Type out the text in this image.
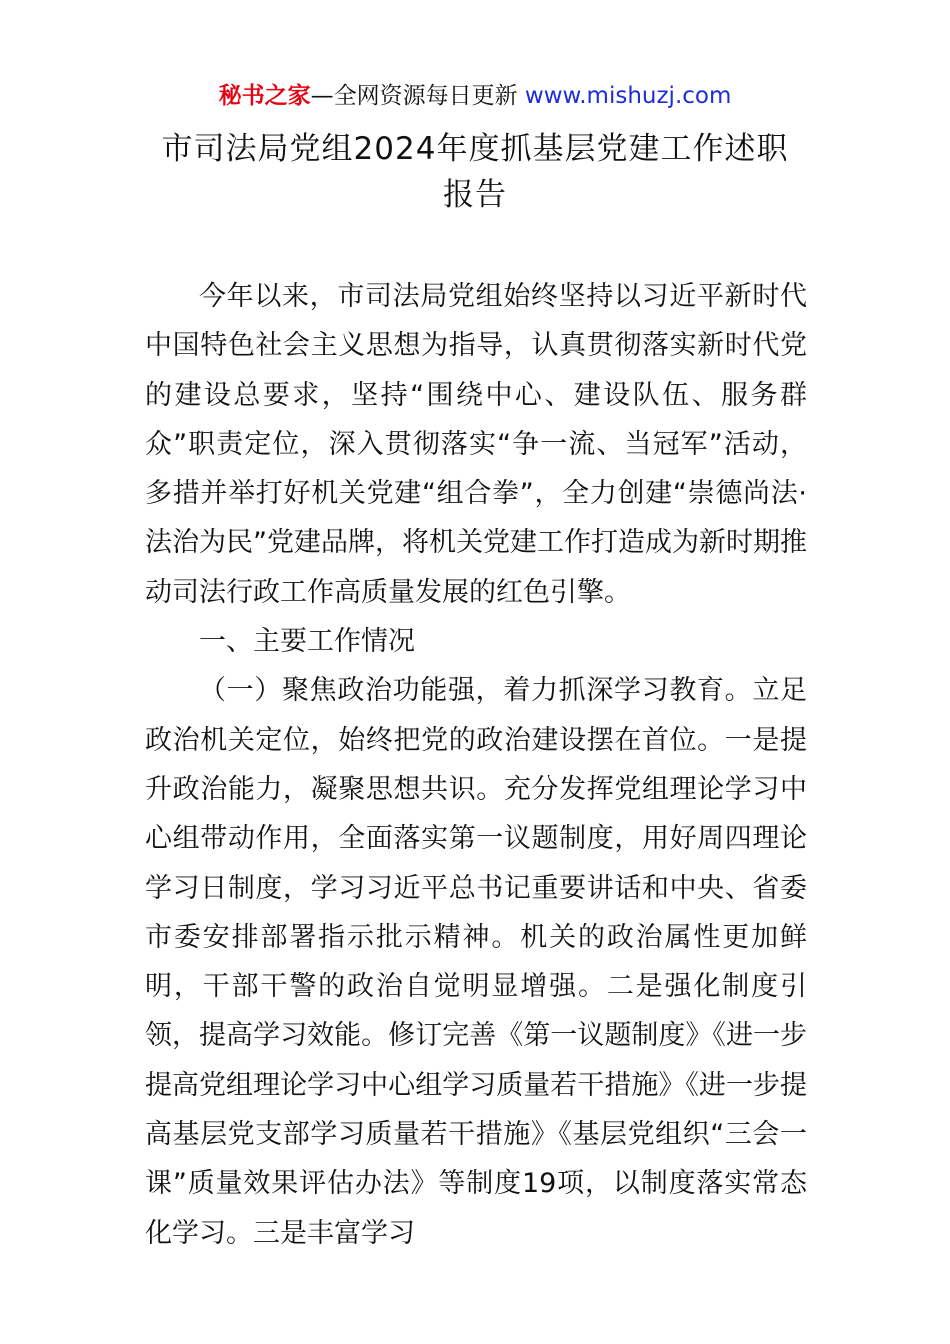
秘书之家—全网资源每日更新 www.mishuzj.com
市司法局党组2024年度抓基层党建工作述职报告

今年以来，市司法局党组始终坚持以习近平新时代中国特色社会主义思想为指导，认真贯彻落实新时代党的建设总要求，坚持“围绕中心、建设队伍、服务群众”职责定位，深入贯彻落实“争一流、当冠军”活动，多措并举打好机关党建“组合拳”，全力创建“崇德尚法·法治为民”党建品牌，将机关党建工作打造成为新时期推动司法行政工作高质量发展的红色引擎。

一、主要工作情况

（一）聚焦政治功能强，着力抓深学习教育。立足政治机关定位，始终把党的政治建设摆在首位。一是提升政治能力，凝聚思想共识。充分发挥党组理论学习中心组带动作用，全面落实第一议题制度，用好周四理论学习日制度，学习习近平总书记重要讲话和中央、省委市委安排部署指示批示精神。机关的政治属性更加鲜明，干部干警的政治自觉明显增强。二是强化制度引领，提高学习效能。修订完善《第一议题制度》《进一步提高党组理论学习中心组学习质量若干措施》《进一步提高基层党支部学习质量若干措施》《基层党组织“三会一课”质量效果评估办法》等制度19项，以制度落实常态化学习。三是丰富学习
